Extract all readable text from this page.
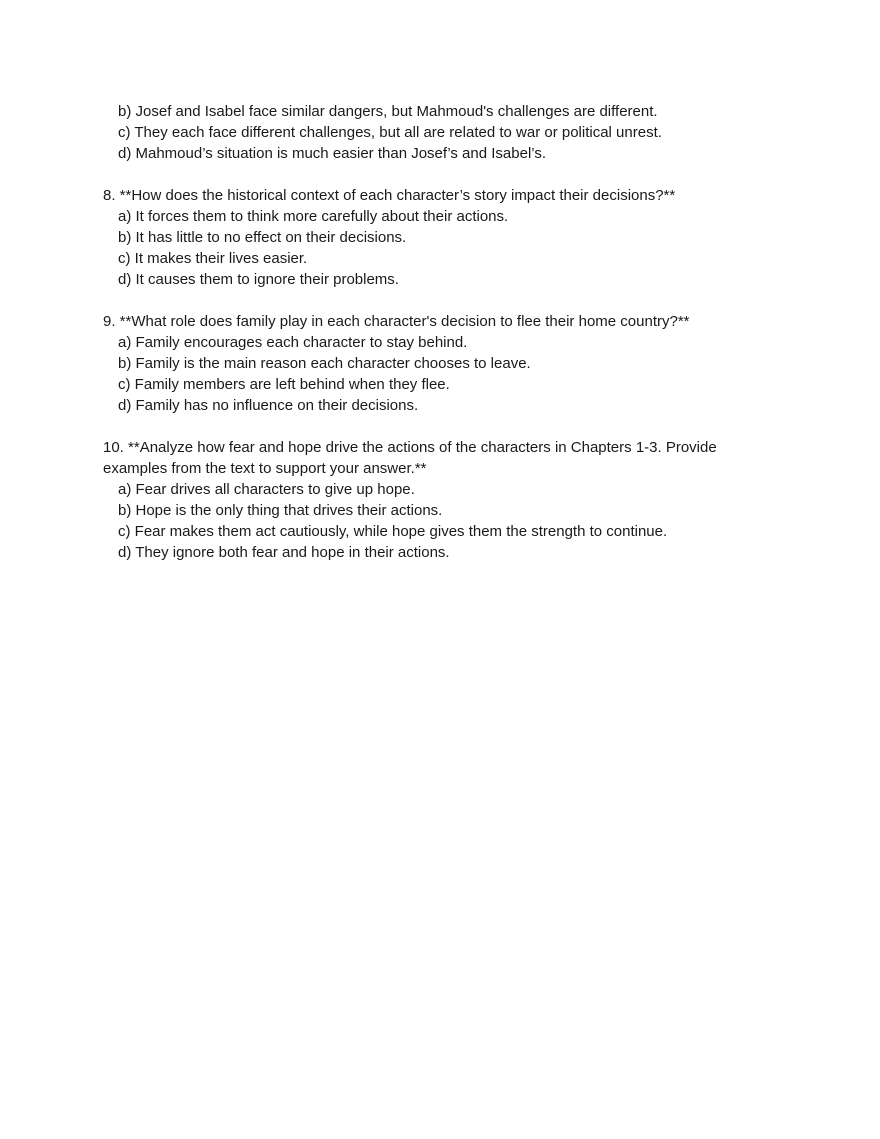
b) Josef and Isabel face similar dangers, but Mahmoud's challenges are different.

c) They each face different challenges, but all are related to war or political unrest.

d) Mahmoud’s situation is much easier than Josef’s and Isabel’s.

8. **How does the historical context of each character’s story impact their decisions?**

a) It forces them to think more carefully about their actions.

b) It has little to no effect on their decisions.

c) It makes their lives easier.

d) It causes them to ignore their problems.

9. **What role does family play in each character's decision to flee their home country?**

a) Family encourages each character to stay behind.

b) Family is the main reason each character chooses to leave.

c) Family members are left behind when they flee.

d) Family has no influence on their decisions.

10. **Analyze how fear and hope drive the actions of the characters in Chapters 1-3. Provide examples from the text to support your answer.**

a) Fear drives all characters to give up hope.

b) Hope is the only thing that drives their actions.

c) Fear makes them act cautiously, while hope gives them the strength to continue.

d) They ignore both fear and hope in their actions.
